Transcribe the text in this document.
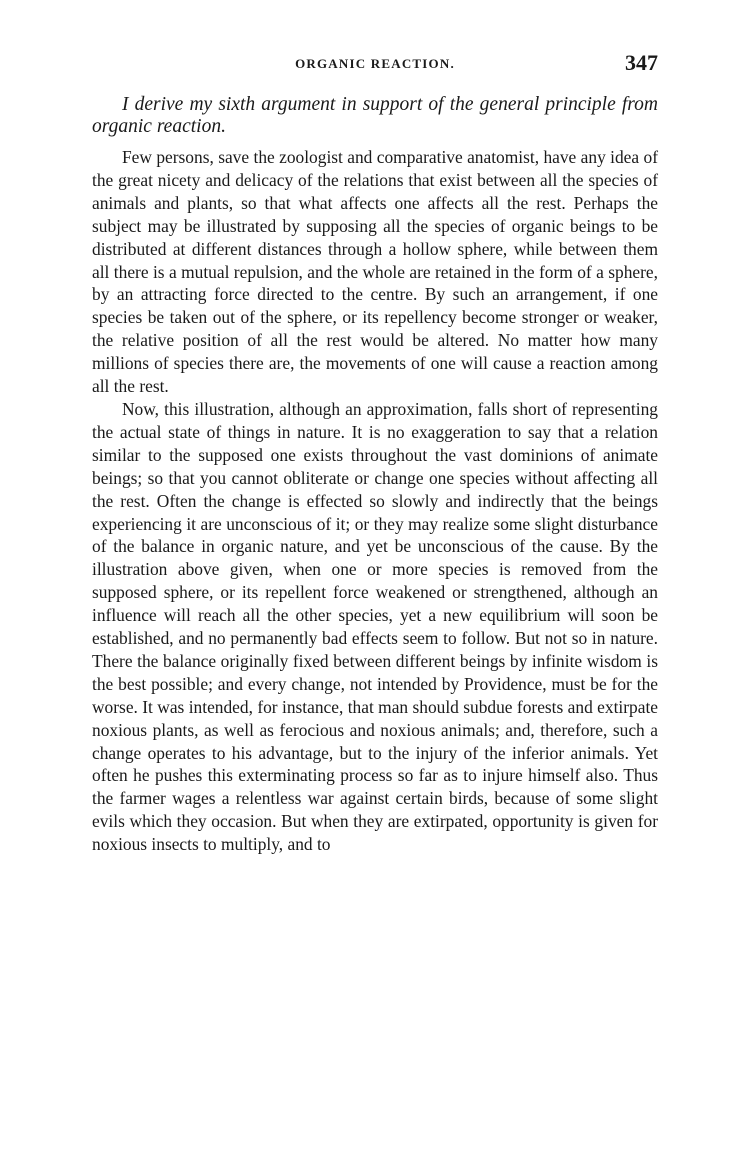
ORGANIC REACTION.	347

I derive my sixth argument in support of the general principle from organic reaction.

Few persons, save the zoologist and comparative anatomist, have any idea of the great nicety and delicacy of the relations that exist between all the species of animals and plants, so that what affects one affects all the rest. Perhaps the subject may be illustrated by supposing all the species of organic beings to be distributed at different distances through a hollow sphere, while between them all there is a mutual repulsion, and the whole are retained in the form of a sphere, by an attracting force directed to the centre. By such an arrangement, if one species be taken out of the sphere, or its repellency become stronger or weaker, the relative position of all the rest would be altered. No matter how many millions of species there are, the movements of one will cause a reaction among all the rest.

Now, this illustration, although an approximation, falls short of representing the actual state of things in nature. It is no exaggeration to say that a relation similar to the supposed one exists throughout the vast dominions of animate beings; so that you cannot obliterate or change one species without affecting all the rest. Often the change is effected so slowly and indirectly that the beings experiencing it are unconscious of it; or they may realize some slight disturbance of the balance in organic nature, and yet be unconscious of the cause. By the illustration above given, when one or more species is removed from the supposed sphere, or its repellent force weakened or strengthened, although an influence will reach all the other species, yet a new equilibrium will soon be established, and no permanently bad effects seem to follow. But not so in nature. There the balance originally fixed between different beings by infinite wisdom is the best possible; and every change, not intended by Providence, must be for the worse. It was intended, for instance, that man should subdue forests and extirpate noxious plants, as well as ferocious and noxious animals; and, therefore, such a change operates to his advantage, but to the injury of the inferior animals. Yet often he pushes this exterminating process so far as to injure himself also. Thus the farmer wages a relentless war against certain birds, because of some slight evils which they occasion. But when they are extirpated, opportunity is given for noxious insects to multiply, and to
